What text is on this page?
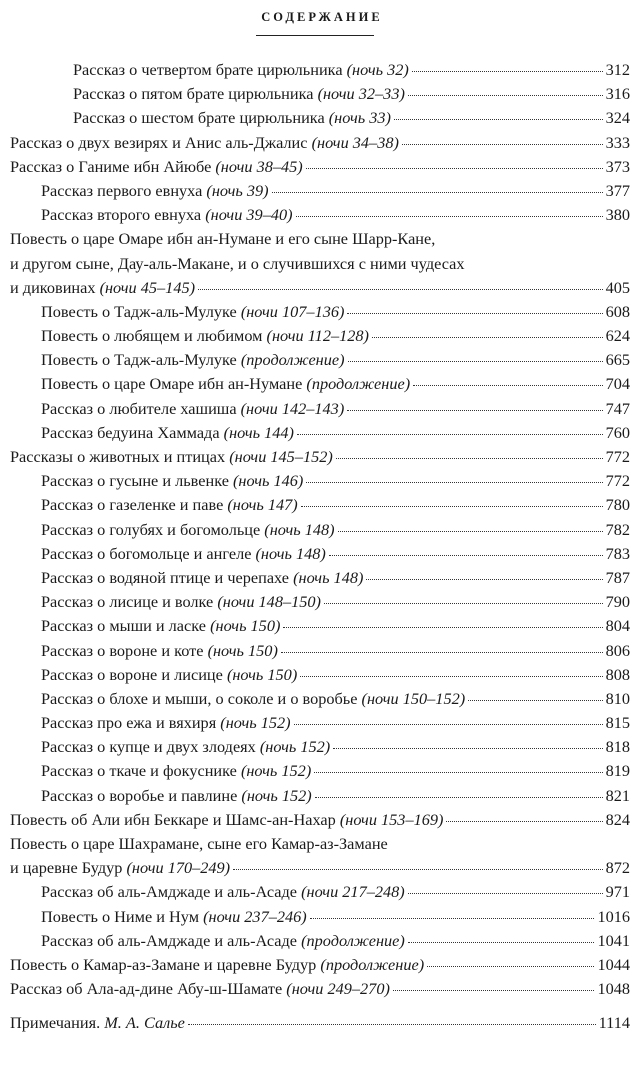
СОДЕРЖАНИЕ
Рассказ о четвертом брате цирюльника (ночь 32)	312
Рассказ о пятом брате цирюльника (ночи 32–33)	316
Рассказ о шестом брате цирюльника (ночь 33)	324
Рассказ о двух везирях и Анис аль-Джалис (ночи 34–38)	333
Рассказ о Ганиме ибн Айюбе (ночи 38–45)	373
Рассказ первого евнуха (ночь 39)	377
Рассказ второго евнуха (ночи 39–40)	380
Повесть о царе Омаре ибн ан-Нумане и его сыне Шарр-Кане,
и другом сыне, Дау-аль-Макане, и о случившихся с ними чудесах
и диковинах (ночи 45–145)	405
Повесть о Тадж-аль-Мулуке (ночи 107–136)	608
Повесть о любящем и любимом (ночи 112–128)	624
Повесть о Тадж-аль-Мулуке (продолжение)	665
Повесть о царе Омаре ибн ан-Нумане (продолжение)	704
Рассказ о любителе хашиша (ночи 142–143)	747
Рассказ бедуина Хаммада (ночь 144)	760
Рассказы о животных и птицах (ночи 145–152)	772
Рассказ о гусыне и львенке (ночь 146)	772
Рассказ о газеленке и паве (ночь 147)	780
Рассказ о голубях и богомольце (ночь 148)	782
Рассказ о богомольце и ангеле (ночь 148)	783
Рассказ о водяной птице и черепахе (ночь 148)	787
Рассказ о лисице и волке (ночи 148–150)	790
Рассказ о мыши и ласке (ночь 150)	804
Рассказ о вороне и коте (ночь 150)	806
Рассказ о вороне и лисице (ночь 150)	808
Рассказ о блохе и мыши, о соколе и о воробье (ночи 150–152)	810
Рассказ про ежа и вяхиря (ночь 152)	815
Рассказ о купце и двух злодеях (ночь 152)	818
Рассказ о ткаче и фокуснике (ночь 152)	819
Рассказ о воробье и павлине (ночь 152)	821
Повесть об Али ибн Беккаре и Шамс-ан-Нахар (ночи 153–169)	824
Повесть о царе Шахрамане, сыне его Камар-аз-Замане
и царевне Будур (ночи 170–249)	872
Рассказ об аль-Амджаде и аль-Асаде (ночи 217–248)	971
Повесть о Ниме и Нум (ночи 237–246)	1016
Рассказ об аль-Амджаде и аль-Асаде (продолжение)	1041
Повесть о Камар-аз-Замане и царевне Будур (продолжение)	1044
Рассказ об Ала-ад-дине Абу-ш-Шамате (ночи 249–270)	1048
Примечания. М. А. Салье	1114
